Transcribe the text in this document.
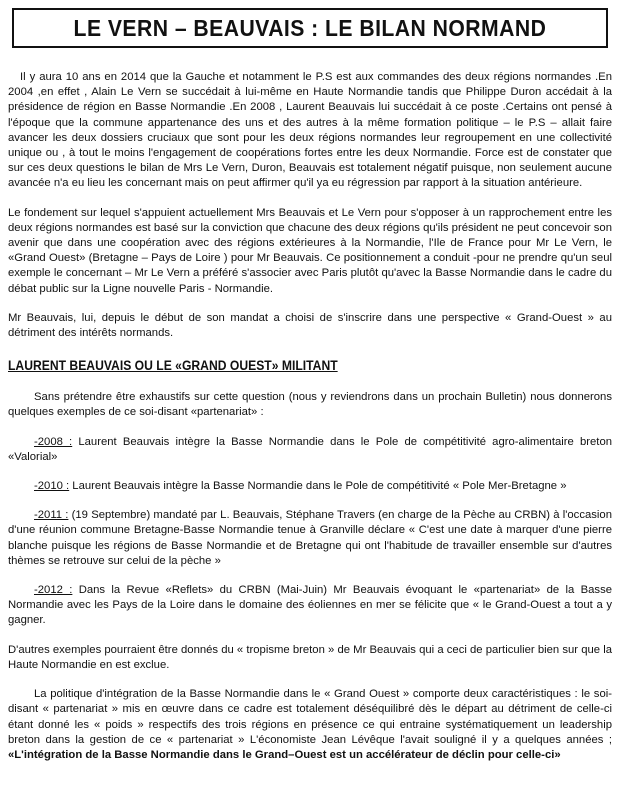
LE VERN – BEAUVAIS : LE BILAN NORMAND

Il y aura 10 ans en 2014 que la Gauche et notamment le P.S est aux commandes des deux régions normandes .En 2004 ,en effet , Alain Le Vern se succédait à lui-même en Haute Normandie tandis que Philippe Duron accédait à la présidence de région en Basse Normandie .En 2008 , Laurent Beauvais lui succédait à ce poste .Certains ont pensé à l'époque que la commune appartenance des uns et des autres à la même formation politique – le P.S – allait faire avancer les deux dossiers cruciaux que sont pour les deux régions normandes leur regroupement en une collectivité unique ou , à tout le moins l'engagement de coopérations fortes entre les deux Normandie. Force est de constater que sur ces deux questions le bilan de Mrs Le Vern, Duron, Beauvais est totalement négatif puisque, non seulement aucune avancée n'a eu lieu les concernant mais on peut affirmer qu'il ya eu régression par rapport à la situation antérieure.

Le fondement sur lequel s'appuient actuellement Mrs Beauvais et Le Vern pour s'opposer à un rapprochement entre les deux régions normandes est basé sur la conviction que chacune des deux régions qu'ils président ne peut concevoir son avenir que dans une coopération avec des régions extérieures à la Normandie, l'Ile de France pour Mr Le Vern, le «Grand Ouest» (Bretagne – Pays de Loire ) pour Mr Beauvais. Ce positionnement a conduit -pour ne prendre qu'un seul exemple le concernant – Mr Le Vern a préféré s'associer avec Paris plutôt qu'avec la Basse Normandie dans le cadre du débat public sur la Ligne nouvelle Paris - Normandie.

Mr Beauvais, lui, depuis le début de son mandat a choisi de s'inscrire dans une perspective « Grand-Ouest » au détriment des intérêts normands.

LAURENT BEAUVAIS OU LE «GRAND OUEST» MILITANT

Sans prétendre être exhaustifs sur cette question (nous y reviendrons dans un prochain Bulletin) nous donnerons quelques exemples de ce soi-disant «partenariat» :

-2008 : Laurent Beauvais intègre la Basse Normandie dans le Pole de compétitivité agro-alimentaire breton «Valorial»

-2010 : Laurent Beauvais intègre la Basse Normandie dans le Pole de compétitivité « Pole Mer-Bretagne »

-2011 : (19 Septembre) mandaté par L. Beauvais, Stéphane Travers (en charge de la Pèche au CRBN) à l'occasion d'une réunion commune Bretagne-Basse Normandie tenue à Granville déclare « C'est une date à marquer d'une pierre blanche puisque les régions de Basse Normandie et de Bretagne qui ont l'habitude de travailler ensemble sur d'autres thèmes se retrouve sur celui de la pèche »

-2012 : Dans la Revue «Reflets» du CRBN (Mai-Juin) Mr Beauvais évoquant le «partenariat» de la Basse Normandie avec les Pays de la Loire dans le domaine des éoliennes en mer se félicite que « le Grand-Ouest a tout a y gagner.

D'autres exemples pourraient être donnés du « tropisme breton » de Mr Beauvais qui a ceci de particulier bien sur que la Haute Normandie en est exclue.

La politique d'intégration de la Basse Normandie dans le « Grand Ouest » comporte deux caractéristiques : le soi-disant « partenariat » mis en œuvre dans ce cadre est totalement déséquilibré dès le départ au détriment de celle-ci étant donné les « poids » respectifs des trois régions en présence ce qui entraine systématiquement un leadership breton dans la gestion de ce « partenariat » L'économiste Jean Lévêque l'avait souligné il y a quelques années ; «L'intégration de la Basse Normandie dans le Grand–Ouest est un accélérateur de déclin pour celle-ci»
